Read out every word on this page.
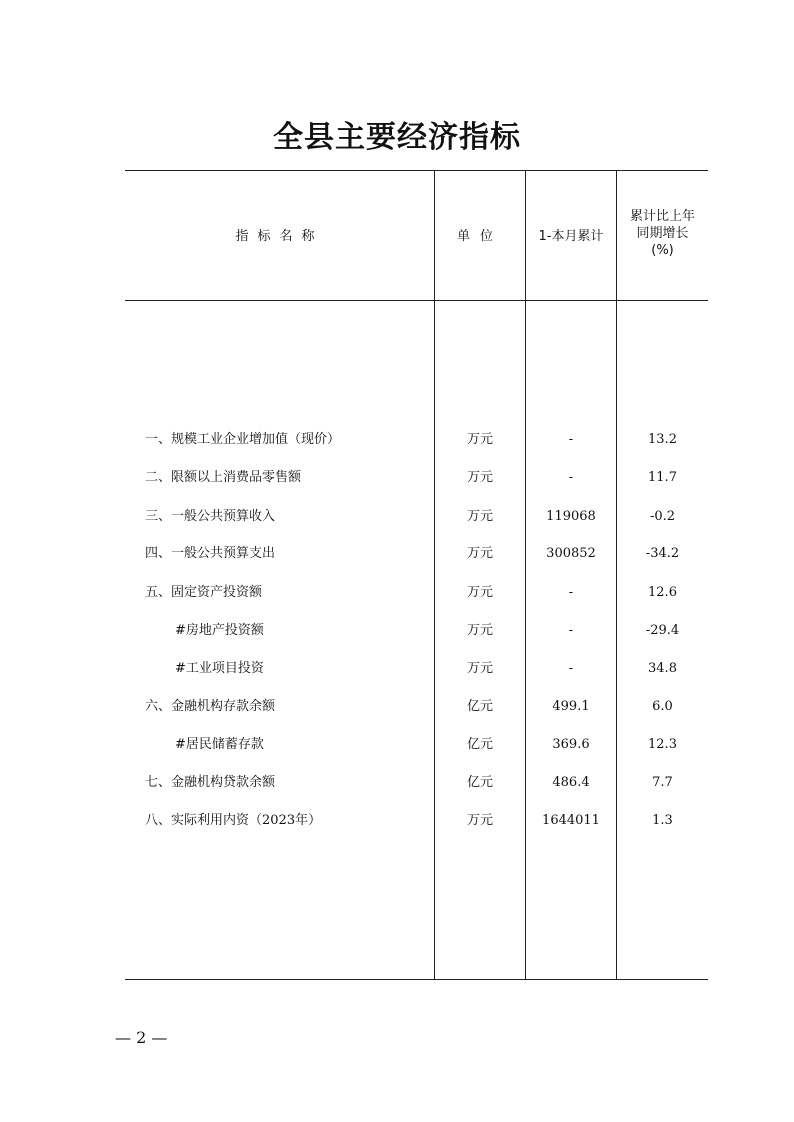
全县主要经济指标
指标名称	单位	1-本月累计
累计比上年
同期增长
(%)
一、规模工业企业增加值（现价）	万元	-	13.2
二、限额以上消费品零售额	万元	-	11.7
三、一般公共预算收入	万元	119068	-0.2
四、一般公共预算支出	万元	300852	-34.2
五、固定资产投资额	万元	-	12.6
#房地产投资额	万元	-	-29.4
#工业项目投资	万元	-	34.8
六、金融机构存款余额	亿元	499.1	6.0
#居民储蓄存款	亿元	369.6	12.3
七、金融机构贷款余额	亿元	486.4	7.7
八、实际利用内资（2023年）	万元	1644011	1.3
— 2 —
